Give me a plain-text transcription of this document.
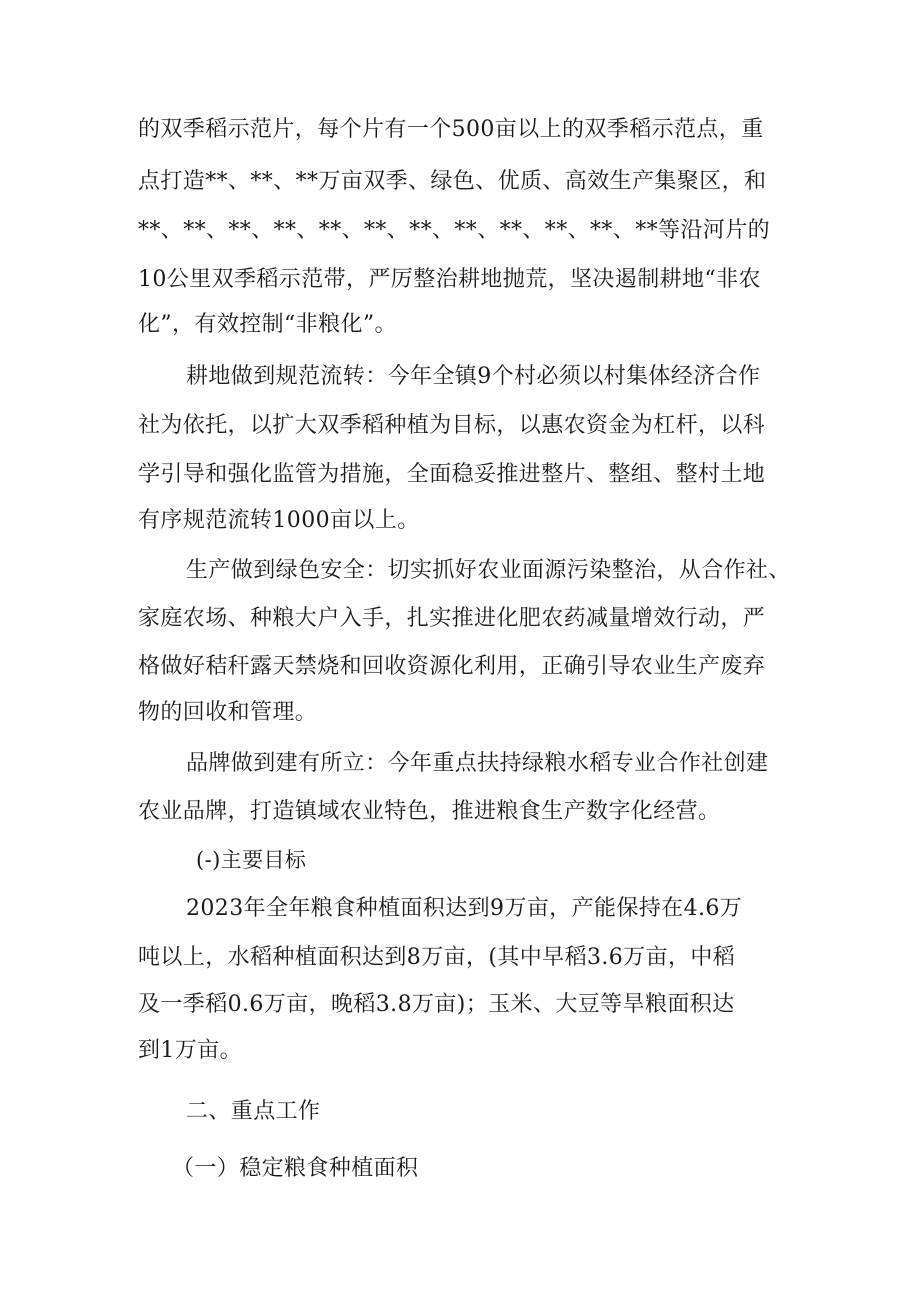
的双季稻示范片，每个片有一个500亩以上的双季稻示范点，重
点打造**、**、**万亩双季、绿色、优质、高效生产集聚区，和
**、**、**、**、**、**、**、**、**、**、**、**等沿河片的
10公里双季稻示范带，严厉整治耕地抛荒，坚决遏制耕地“非农
化”，有效控制“非粮化”。
耕地做到规范流转：今年全镇9个村必须以村集体经济合作
社为依托，以扩大双季稻种植为目标，以惠农资金为杠杆，以科
学引导和强化监管为措施，全面稳妥推进整片、整组、整村土地
有序规范流转1000亩以上。
生产做到绿色安全：切实抓好农业面源污染整治，从合作社、
家庭农场、种粮大户入手，扎实推进化肥农药减量增效行动，严
格做好秸秆露天禁烧和回收资源化利用，正确引导农业生产废弃
物的回收和管理。
品牌做到建有所立：今年重点扶持绿粮水稻专业合作社创建
农业品牌，打造镇域农业特色，推进粮食生产数字化经营。
(-)主要目标
2023年全年粮食种植面积达到9万亩，产能保持在4.6万
吨以上，水稻种植面积达到8万亩，(其中早稻3.6万亩，中稻
及一季稻0.6万亩，晚稻3.8万亩)；玉米、大豆等旱粮面积达
到1万亩。
二、重点工作
（一）稳定粮食种植面积
